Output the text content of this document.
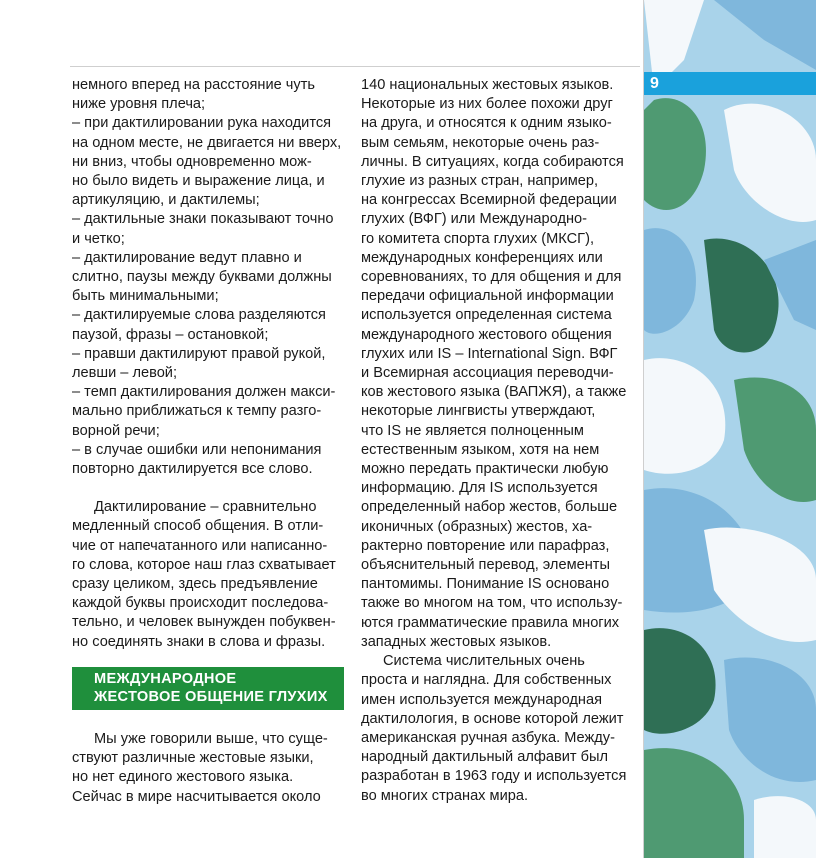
немного вперед на расстояние чуть
ниже уровня плеча;
– при дактилировании рука находится
на одном месте, не двигается ни вверх,
ни вниз, чтобы одновременно мож-
но было видеть и выражение лица, и
артикуляцию, и дактилемы;
– дактильные знаки показывают точно
и четко;
– дактилирование ведут плавно и
слитно, паузы между буквами должны
быть минимальными;
– дактилируемые слова разделяются
паузой, фразы – остановкой;
– правши дактилируют правой рукой,
левши – левой;
– темп дактилирования должен макси-
мально приближаться к темпу разго-
ворной речи;
– в случае ошибки или непонимания
повторно дактилируется все слово.
Дактилирование – сравнительно
медленный способ общения. В отли-
чие от напечатанного или написанно-
го слова, которое наш глаз схватывает
сразу целиком, здесь предъявление
каждой буквы происходит последова-
тельно, и человек вынужден побуквен-
но соединять знаки в слова и фразы.
МЕЖДУНАРОДНОЕ
ЖЕСТОВОЕ ОБЩЕНИЕ ГЛУХИХ
Мы уже говорили выше, что суще-
ствуют различные жестовые языки,
но нет единого жестового языка.
Сейчас в мире насчитывается около
140 национальных жестовых языков.
Некоторые из них более похожи друг
на друга, и относятся к одним языко-
вым семьям, некоторые очень раз-
личны. В ситуациях, когда собираются
глухие из разных стран, например,
на конгрессах Всемирной федерации
глухих (ВФГ) или Международно-
го комитета спорта глухих (МКСГ),
международных конференциях или
соревнованиях, то для общения и для
передачи официальной информации
используется определенная система
международного жестового общения
глухих или IS – International Sign. ВФГ
и Всемирная ассоциация переводчи-
ков жестового языка (ВАПЖЯ), а также
некоторые лингвисты утверждают,
что IS не является полноценным
естественным языком, хотя на нем
можно передать практически любую
информацию. Для IS используется
определенный набор жестов, больше
иконичных (образных) жестов, ха-
рактерно повторение или парафраз,
объяснительный перевод, элементы
пантомимы. Понимание IS основано
также во многом на том, что использу-
ются грамматические правила многих
западных жестовых языков.
Система числительных очень
проста и наглядна. Для собственных
имен используется международная
дактилология, в основе которой лежит
американская ручная азбука. Между-
народный дактильный алфавит был
разработан в 1963 году и используется
во многих странах мира.
9
